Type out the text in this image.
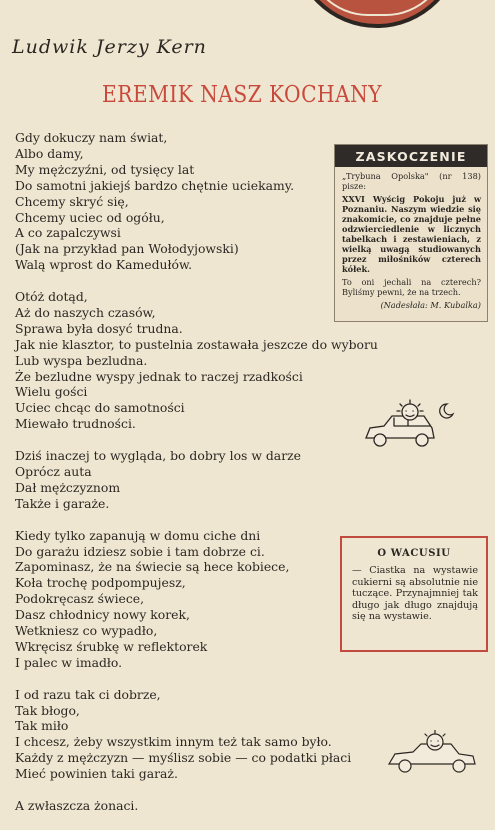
Ludwik Jerzy Kern
EREMIK NASZ KOCHANY

Gdy dokuczy nam świat,

Albo damy,

My mężczyźni, od tysięcy lat

Do samotni jakiejś bardzo chętnie uciekamy.

Chcemy skryć się,

Chcemy uciec od ogółu,

A co zapalczywsi

(Jak na przykład pan Wołodyjowski)

Walą wprost do Kamedułów.

Otóż dotąd,

Aż do naszych czasów,

Sprawa była dosyć trudna.

Jak nie klasztor, to pustelnia zostawała jeszcze do wyboru

Lub wyspa bezludna.

Że bezludne wyspy jednak to raczej rzadkości

Wielu gości

Uciec chcąc do samotności

Miewało trudności.

Dziś inaczej to wygląda, bo dobry los w darze

Oprócz auta

Dał mężczyznom

Także i garaże.

Kiedy tylko zapanują w domu ciche dni

Do garażu idziesz sobie i tam dobrze ci.

Zapominasz, że na świecie są hece kobiece,

Koła trochę podpompujesz,

Podokręcasz świece,

Dasz chłodnicy nowy korek,

Wetkniesz co wypadło,

Wkręcisz śrubkę w reflektorek

I palec w imadło.

I od razu tak ci dobrze,

Tak błogo,

Tak miło

I chcesz, żeby wszystkim innym też tak samo było.

Każdy z mężczyzn — myślisz sobie — co podatki płaci

Mieć powinien taki garaż.

A zwłaszcza żonaci.

ZASKOCZENIE

„Trybuna Opolska" (nr 138) pisze:

XXVI Wyścig Pokoju już w Poznaniu. Naszym wiedzie się znakomicie, co znajduje pełne odzwierciedlenie w licznych tabelkach i zestawieniach, z wielką uwagą studiowanych przez miłośników czterech kółek.

To oni jechali na czterech? Byliśmy pewni, że na trzech.

(Nadesłała: M. Kubalka)

O WACUSIU
— Ciastka na wystawie cukierni są absolutnie nie tuczące. Przynajmniej tak długo jak długo znajdują się na wystawie.
